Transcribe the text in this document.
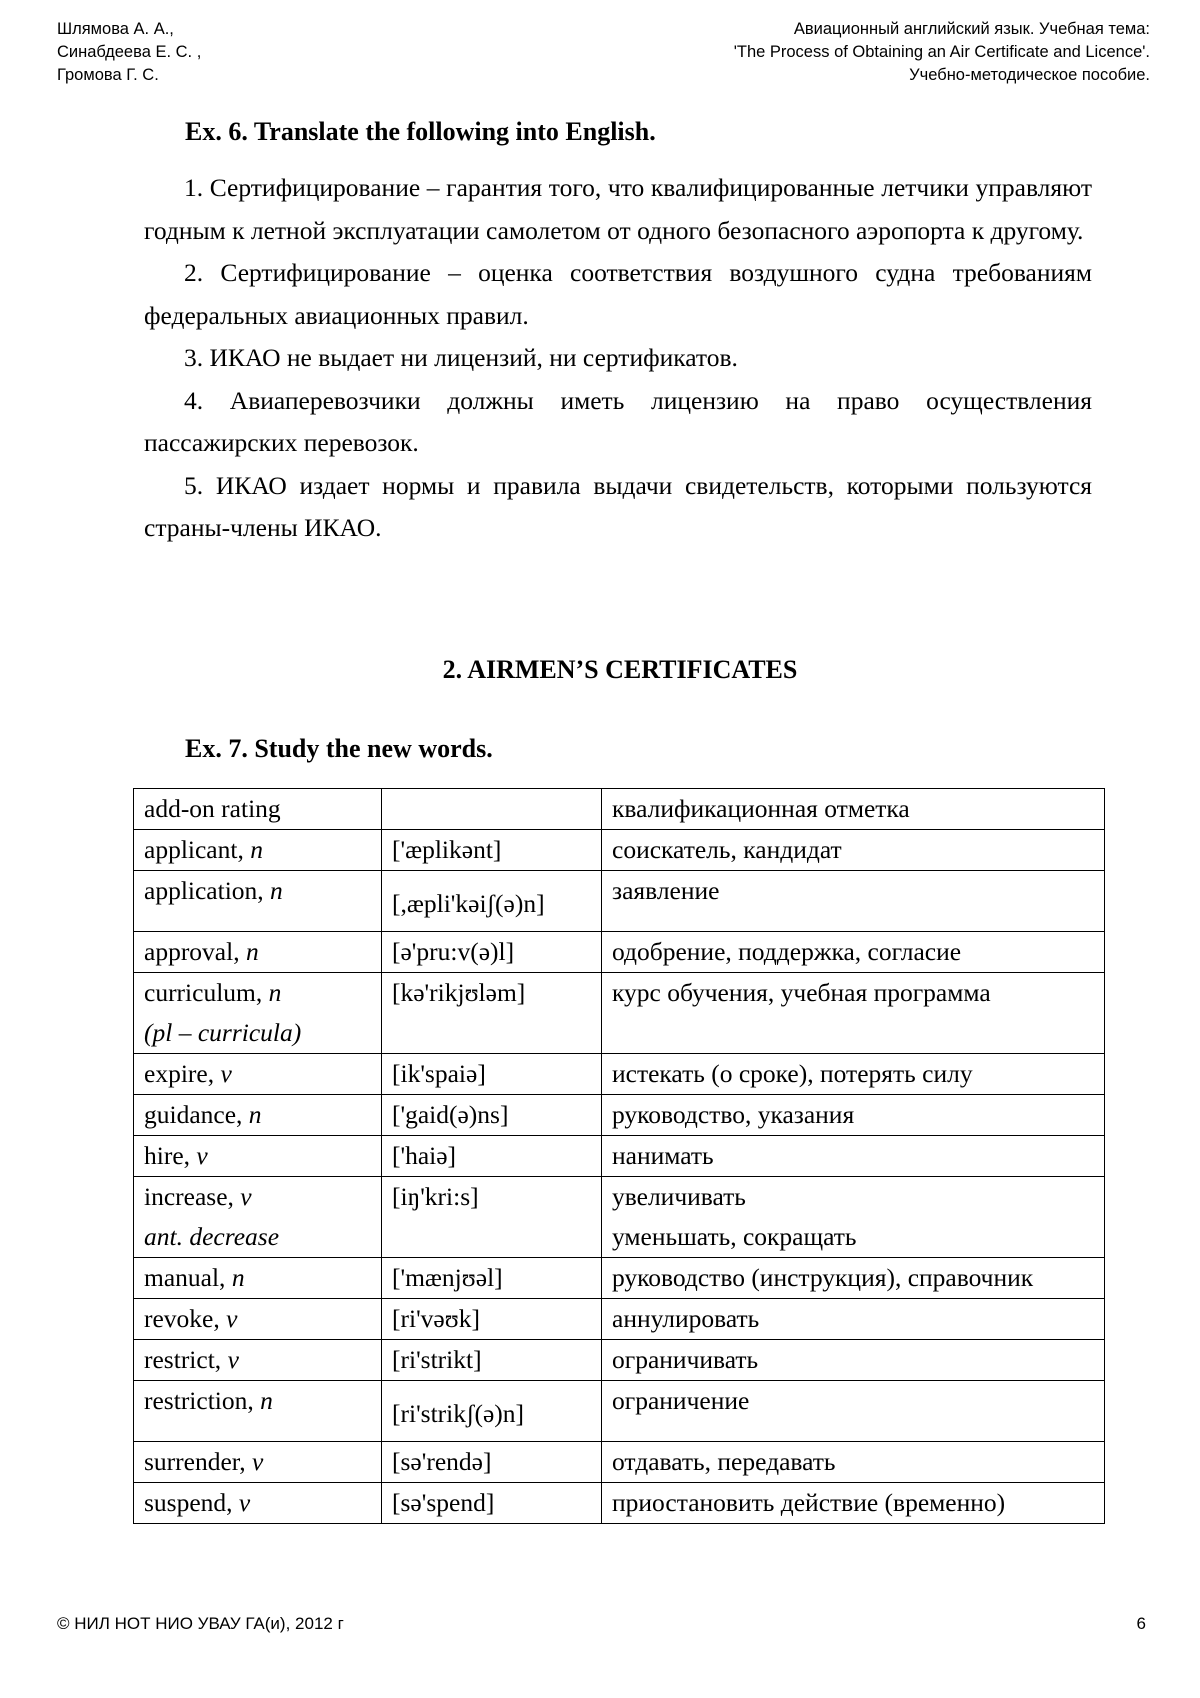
Шлямова А. А.,
Синабдеева Е. С. ,
Громова Г. С.
Авиационный английский язык. Учебная тема:
'The Process of Obtaining an Air Certificate and Licence'.
Учебно-методическое пособие.
Ex. 6. Translate the following into English.

1. Сертифицирование – гарантия того, что квалифицированные летчики управляют годным к летной эксплуатации самолетом от одного безопасного аэропорта к другому.

2. Сертифицирование – оценка соответствия воздушного судна требованиям федеральных авиационных правил.

3. ИКАО не выдает ни лицензий, ни сертификатов.

4. Авиаперевозчики должны иметь лицензию на право осуществления пассажирских перевозок.

5. ИКАО издает нормы и правила выдачи свидетельств, которыми пользуются страны-члены ИКАО.

2. AIRMEN’S CERTIFICATES
Ex. 7. Study the new words.
add-on rating		квалификационная отметка

applicant, n	['æplikənt]	соискатель, кандидат

application, n	[,æpli'kəiʃ(ə)n]	заявление

approval, n	[ə'pru:v(ə)l]	одобрение, поддержка, согласие

curriculum, n
(pl – curricula)	[kə'rikjʊləm]	курс обучения, учебная программа

expire, v	[ik'spaiə]	истекать (о сроке), потерять силу

guidance, n	['gaid(ə)ns]	руководство, указания

hire, v	['haiə]	нанимать

increase, v
ant. decrease	[iŋ'kri:s]	увеличивать
уменьшать, сокращать

manual, n	['mænjʊəl]	руководство (инструкция), справочник

revoke, v	[ri'vəʊk]	аннулировать

restrict, v	[ri'strikt]	ограничивать

restriction, n	[ri'strikʃ(ə)n]	ограничение

surrender, v	[sə'rendə]	отдавать, передавать

suspend, v	[sə'spend]	приостановить действие (временно)
© НИЛ НОТ НИО УВАУ ГА(и), 2012 г	6
